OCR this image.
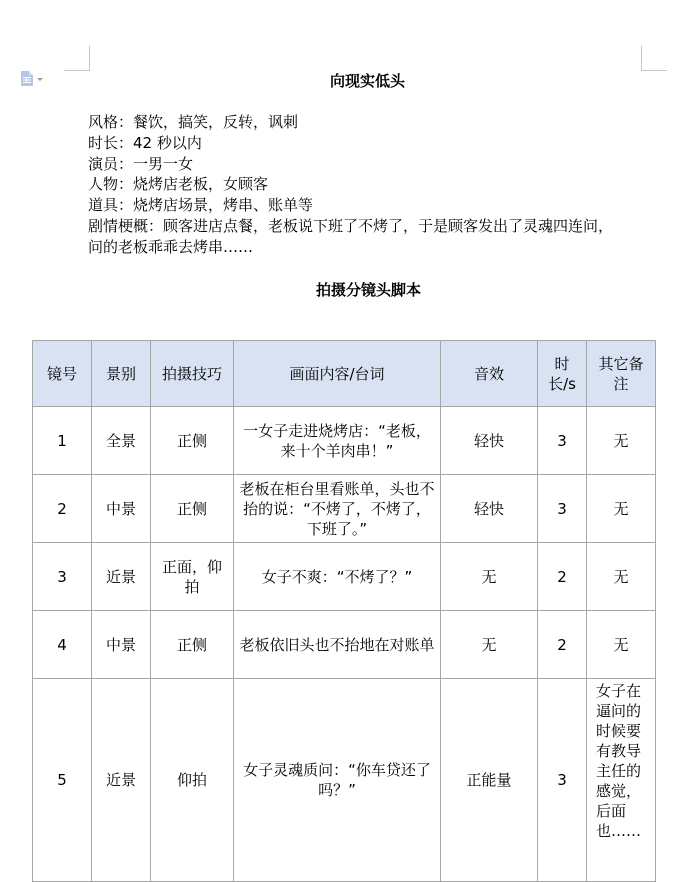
向现实低头
风格：餐饮，搞笑，反转，讽刺
时长：42 秒以内
演员：一男一女
人物：烧烤店老板，女顾客
道具：烧烤店场景，烤串、账单等
剧情梗概：顾客进店点餐，老板说下班了不烤了，于是顾客发出了灵魂四连问，
问的老板乖乖去烤串……
拍摄分镜头脚本
镜号	景别	拍摄技巧	画面内容/台词	音效	时长/s	其它备注
1	全景	正侧	一女子走进烧烤店：“老板，来十个羊肉串！”	轻快	3	无
2	中景	正侧	老板在柜台里看账单，头也不抬的说：“不烤了，不烤了，下班了。”	轻快	3	无
3	近景	正面，仰拍	女子不爽：“不烤了？”	无	2	无
4	中景	正侧	老板依旧头也不抬地在对账单	无	2	无
5	近景	仰拍	女子灵魂质问：“你车贷还了吗？”	正能量	3	女子在逼问的时候要有教导主任的感觉，后面也……
